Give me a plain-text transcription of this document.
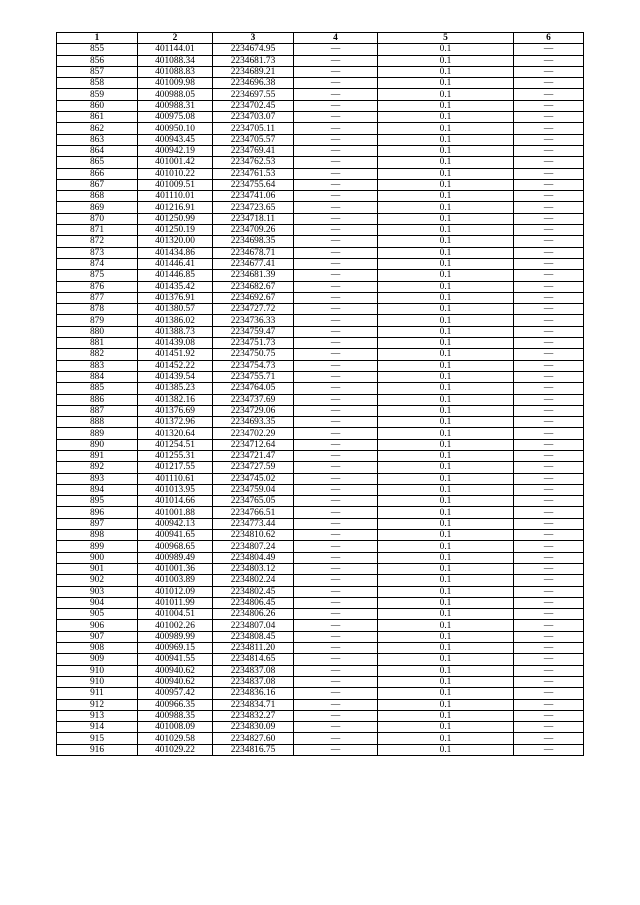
1	2	3	4	5	6
855	401144.01	2234674.95	—	0.1	—
856	401088.34	2234681.73	—	0.1	—
857	401088.83	2234689.21	—	0.1	—
858	401009.98	2234696.38	—	0.1	—
859	400988.05	2234697.55	—	0.1	—
860	400988.31	2234702.45	—	0.1	—
861	400975.08	2234703.07	—	0.1	—
862	400950.10	2234705.11	—	0.1	—
863	400943.45	2234705.57	—	0.1	—
864	400942.19	2234769.41	—	0.1	—
865	401001.42	2234762.53	—	0.1	—
866	401010.22	2234761.53	—	0.1	—
867	401009.51	2234755.64	—	0.1	—
868	401110.01	2234741.06	—	0.1	—
869	401216.91	2234723.65	—	0.1	—
870	401250.99	2234718.11	—	0.1	—
871	401250.19	2234709.26	—	0.1	—
872	401320.00	2234698.35	—	0.1	—
873	401434.86	2234678.71	—	0.1	—
874	401446.41	2234677.41	—	0.1	—
875	401446.85	2234681.39	—	0.1	—
876	401435.42	2234682.67	—	0.1	—
877	401376.91	2234692.67	—	0.1	—
878	401380.57	2234727.72	—	0.1	—
879	401386.02	2234736.33	—	0.1	—
880	401388.73	2234759.47	—	0.1	—
881	401439.08	2234751.73	—	0.1	—
882	401451.92	2234750.75	—	0.1	—
883	401452.22	2234754.73	—	0.1	—
884	401439.54	2234755.71	—	0.1	—
885	401385.23	2234764.05	—	0.1	—
886	401382.16	2234737.69	—	0.1	—
887	401376.69	2234729.06	—	0.1	—
888	401372.96	2234693.35	—	0.1	—
889	401320.64	2234702.29	—	0.1	—
890	401254.51	2234712.64	—	0.1	—
891	401255.31	2234721.47	—	0.1	—
892	401217.55	2234727.59	—	0.1	—
893	401110.61	2234745.02	—	0.1	—
894	401013.95	2234759.04	—	0.1	—
895	401014.66	2234765.05	—	0.1	—
896	401001.88	2234766.51	—	0.1	—
897	400942.13	2234773.44	—	0.1	—
898	400941.65	2234810.62	—	0.1	—
899	400968.65	2234807.24	—	0.1	—
900	400989.49	2234804.49	—	0.1	—
901	401001.36	2234803.12	—	0.1	—
902	401003.89	2234802.24	—	0.1	—
903	401012.09	2234802.45	—	0.1	—
904	401011.99	2234806.45	—	0.1	—
905	401004.51	2234806.26	—	0.1	—
906	401002.26	2234807.04	—	0.1	—
907	400989.99	2234808.45	—	0.1	—
908	400969.15	2234811.20	—	0.1	—
909	400941.55	2234814.65	—	0.1	—
910	400940.62	2234837.08	—	0.1	—
910	400940.62	2234837.08	—	0.1	—
911	400957.42	2234836.16	—	0.1	—
912	400966.35	2234834.71	—	0.1	—
913	400988.35	2234832.27	—	0.1	—
914	401008.09	2234830.09	—	0.1	—
915	401029.58	2234827.60	—	0.1	—
916	401029.22	2234816.75	—	0.1	—
